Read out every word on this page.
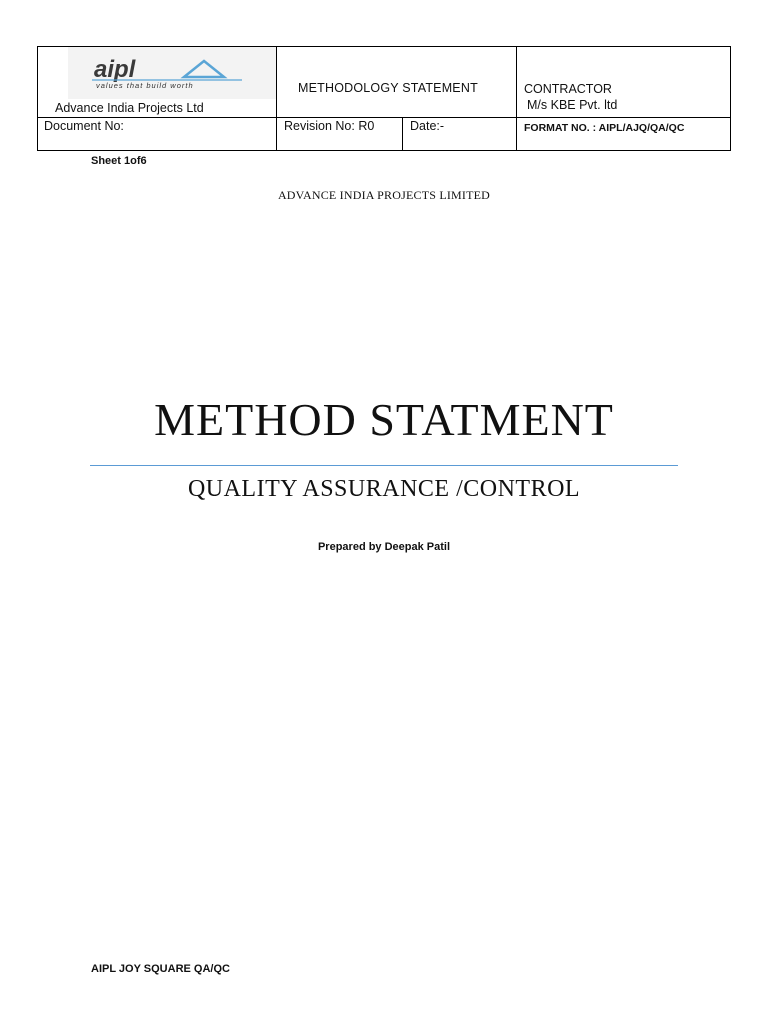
aipl
values that build worth
Advance India Projects Ltd
METHODOLOGY STATEMENT	CONTRACTOR
M/s KBE Pvt. ltd
Document No:	Revision No: R0	Date:-	FORMAT NO. : AIPL/AJQ/QA/QC
Sheet 1of6
ADVANCE INDIA PROJECTS LIMITED
METHOD STATMENT
QUALITY ASSURANCE /CONTROL
Prepared by Deepak Patil
AIPL JOY SQUARE QA/QC
